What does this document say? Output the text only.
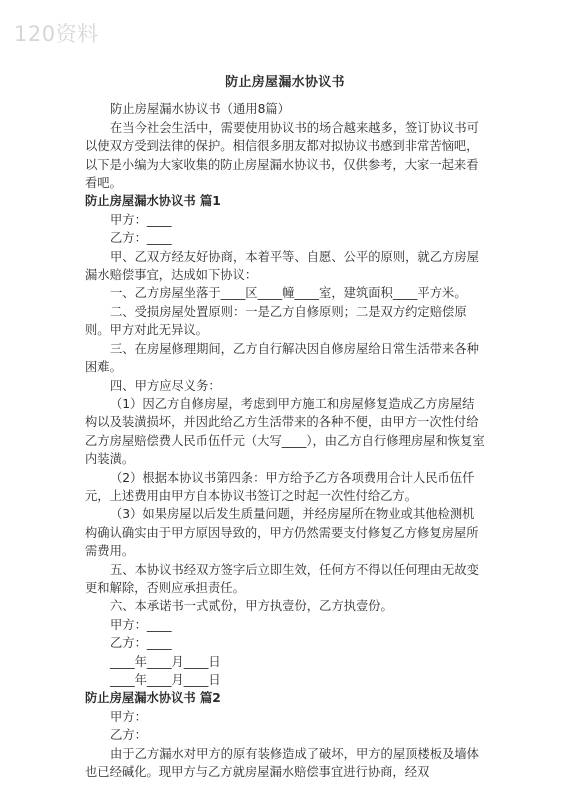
120资料
防止房屋漏水协议书

防止房屋漏水协议书（通用8篇）

在当今社会生活中，需要使用协议书的场合越来越多，签订协议书可以使双方受到法律的保护。相信很多朋友都对拟协议书感到非常苦恼吧，以下是小编为大家收集的防止房屋漏水协议书，仅供参考，大家一起来看看吧。

防止房屋漏水协议书 篇1

甲方：____

乙方：____

甲、乙双方经友好协商，本着平等、自愿、公平的原则，就乙方房屋漏水赔偿事宜，达成如下协议：

一、乙方房屋坐落于____区____幢____室，建筑面积____平方米。

二、受损房屋处置原则：一是乙方自修原则；二是双方约定赔偿原则。甲方对此无异议。

三、在房屋修理期间，乙方自行解决因自修房屋给日常生活带来各种困难。

四、甲方应尽义务：

（1）因乙方自修房屋，考虑到甲方施工和房屋修复造成乙方房屋结构以及装潢损坏，并因此给乙方生活带来的各种不便，由甲方一次性付给乙方房屋赔偿费人民币伍仟元（大写____），由乙方自行修理房屋和恢复室内装潢。

（2）根据本协议书第四条：甲方给予乙方各项费用合计人民币伍仟元，上述费用由甲方自本协议书签订之时起一次性付给乙方。

（3）如果房屋以后发生质量问题，并经房屋所在物业或其他检测机构确认确实由于甲方原因导致的，甲方仍然需要支付修复乙方修复房屋所需费用。

五、本协议书经双方签字后立即生效，任何方不得以任何理由无故变更和解除，否则应承担责任。

六、本承诺书一式贰份，甲方执壹份，乙方执壹份。

甲方：____

乙方：____

____年____月____日

____年____月____日

防止房屋漏水协议书 篇2

甲方：

乙方：

由于乙方漏水对甲方的原有装修造成了破坏，甲方的屋顶楼板及墙体也已经碱化。现甲方与乙方就房屋漏水赔偿事宜进行协商，经双
